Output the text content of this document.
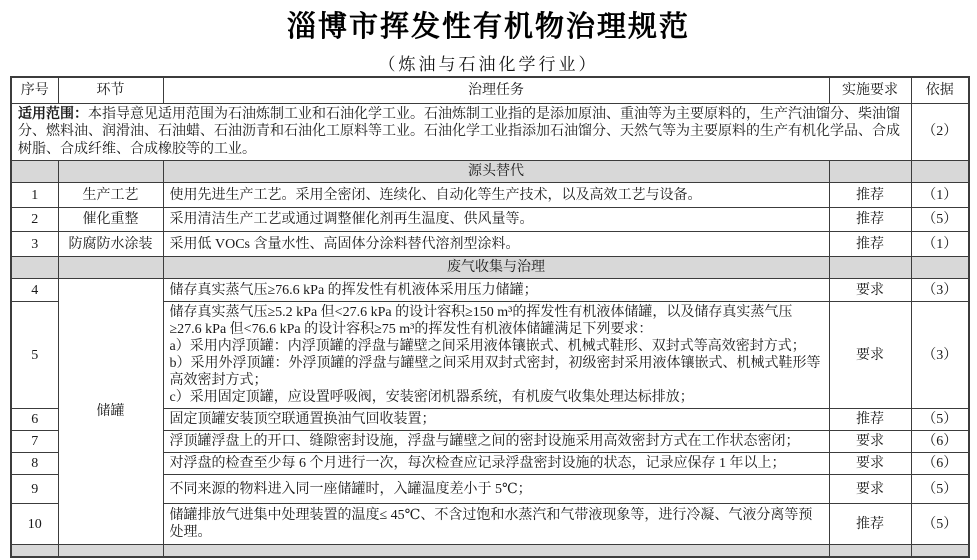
淄博市挥发性有机物治理规范
（炼油与石油化学行业）
序号	环节	治理任务	实施要求	依据
适用范围：本指导意见适用范围为石油炼制工业和石油化学工业。石油炼制工业指的是添加原油、重油等为主要原料的，生产汽油馏分、柴油馏分、燃料油、润滑油、石油蜡、石油沥青和石油化工原料等工业。石油化学工业指添加石油馏分、天然气等为主要原料的生产有机化学品、合成树脂、合成纤维、合成橡胶等的工业。				（2）
		源头替代		
1	生产工艺	使用先进生产工艺。采用全密闭、连续化、自动化等生产技术，以及高效工艺与设备。	推荐	（1）
2	催化重整	采用清洁生产工艺或通过调整催化剂再生温度、供风量等。	推荐	（5）
3	防腐防水涂装	采用低 VOCs 含量水性、高固体分涂料替代溶剂型涂料。	推荐	（1）
		废气收集与治理		
4	储罐	储存真实蒸气压≥76.6 kPa 的挥发性有机液体采用压力储罐；	要求	（3）
5		储存真实蒸气压≥5.2 kPa 但<27.6 kPa 的设计容积≥150 m³的挥发性有机液体储罐，以及储存真实蒸气压≥27.6 kPa 但<76.6 kPa 的设计容积≥75 m³的挥发性有机液体储罐满足下列要求：
a）采用内浮顶罐：内浮顶罐的浮盘与罐壁之间采用液体镶嵌式、机械式鞋形、双封式等高效密封方式；
b）采用外浮顶罐：外浮顶罐的浮盘与罐壁之间采用双封式密封，初级密封采用液体镶嵌式、机械式鞋形等高效密封方式；
c）采用固定顶罐，应设置呼吸阀，安装密闭机器系统，有机废气收集处理达标排放；	要求	（3）
6		固定顶罐安装顶空联通置换油气回收装置；	推荐	（5）
7		浮顶罐浮盘上的开口、缝隙密封设施，浮盘与罐壁之间的密封设施采用高效密封方式在工作状态密闭；	要求	（6）
8		对浮盘的检查至少每 6 个月进行一次，每次检查应记录浮盘密封设施的状态，记录应保存 1 年以上；	要求	（6）
9		不同来源的物料进入同一座储罐时，入罐温度差小于 5℃；	要求	（5）
10		储罐排放气进集中处理装置的温度≤ 45℃、不含过饱和水蒸汽和气带液现象等，进行冷凝、气液分离等预处理。	推荐	（5）
